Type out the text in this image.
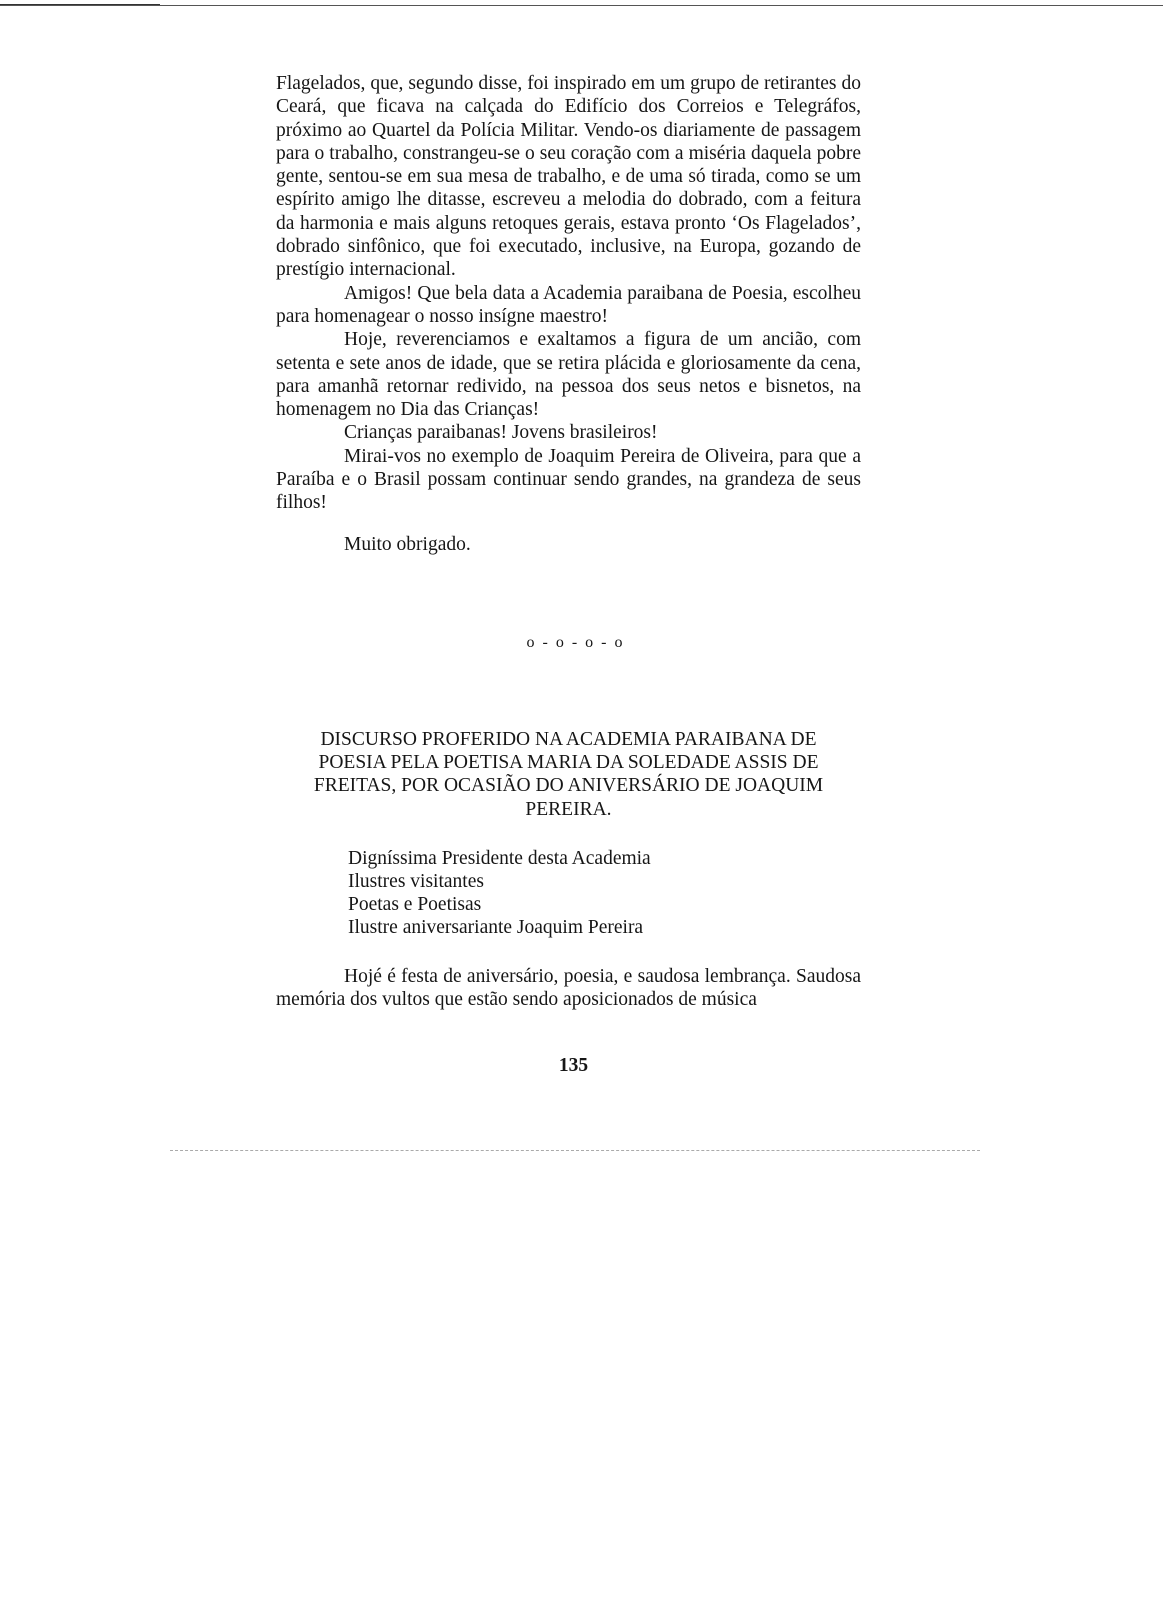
Flagelados, que, segundo disse, foi inspirado em um grupo de retirantes do Ceará, que ficava na calçada do Edifício dos Correios e Telegráfos, próximo ao Quartel da Polícia Militar. Vendo-os diariamente de passagem para o trabalho, constrangeu-se o seu coração com a miséria daquela pobre gente, sentou-se em sua mesa de trabalho, e de uma só tirada, como se um espírito amigo lhe ditasse, escreveu a melodia do dobrado, com a feitura da harmonia e mais alguns retoques gerais, estava pronto ‘Os Flagelados’, dobrado sinfônico, que foi executado, inclusive, na Europa, gozando de prestígio internacional.

Amigos! Que bela data a Academia paraibana de Poesia, escolheu para homenagear o nosso insígne maestro!

Hoje, reverenciamos e exaltamos a figura de um ancião, com setenta e sete anos de idade, que se retira plácida e gloriosamente da cena, para amanhã retornar redivido, na pessoa dos seus netos e bisnetos, na homenagem no Dia das Crianças!

Crianças paraibanas! Jovens brasileiros!

Mirai-vos no exemplo de Joaquim Pereira de Oliveira, para que a Paraíba e o Brasil possam continuar sendo grandes, na grandeza de seus filhos!

Muito obrigado.

o - o - o - o
DISCURSO PROFERIDO NA ACADEMIA PARAIBANA DE POESIA PELA POETISA MARIA DA SOLEDADE ASSIS DE FREITAS, POR OCASIÃO DO ANIVERSÁRIO DE JOAQUIM PEREIRA.
Digníssima Presidente desta Academia
Ilustres visitantes
Poetas e Poetisas
Ilustre aniversariante Joaquim Pereira

Hojé é festa de aniversário, poesia, e saudosa lembrança. Saudosa memória dos vultos que estão sendo aposicionados de música

135
